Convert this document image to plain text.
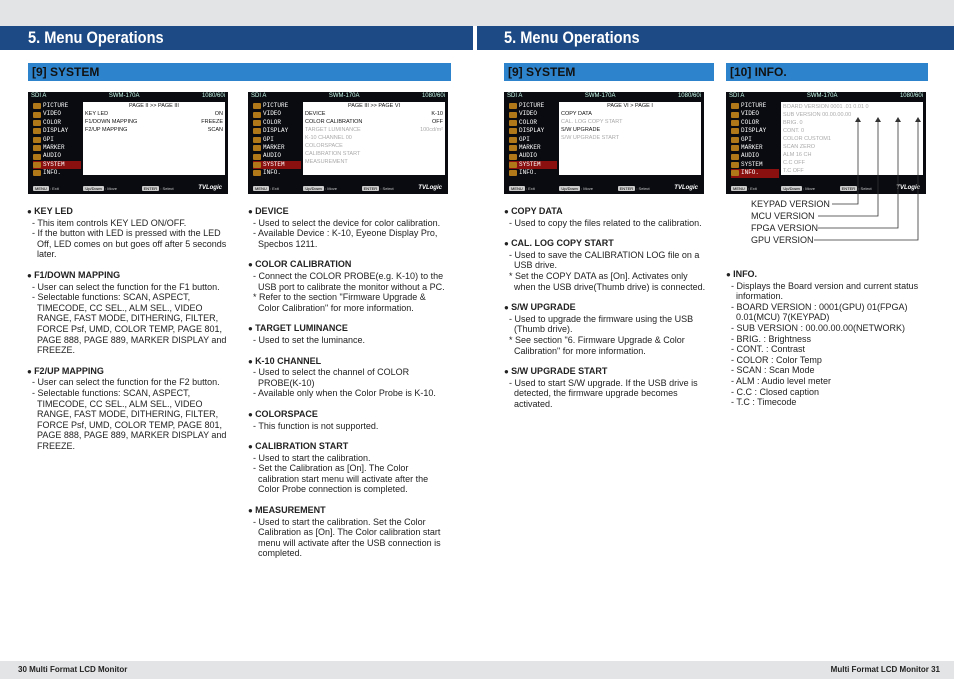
5. Menu Operations	5. Menu Operations
[9] SYSTEM	[9] SYSTEM	[10] INFO.
SDI A	SWM-170A	1080/60i
PICTURE
VIDEO
COLOR
DISPLAY
GPI
MARKER
AUDIO
SYSTEM
INFO.
PAGE II >> PAGE III
KEY LED	ON
F1/DOWN MAPPING	FREEZE
F2/UP MAPPING	SCAN
MENU : Exit	Up/Down : Move	ENTER : Select	TVLogic
SDI A	SWM-170A	1080/60i
PICTURE
VIDEO
COLOR
DISPLAY
GPI
MARKER
AUDIO
SYSTEM
INFO.
PAGE III >> PAGE VI
DEVICE	K-10
COLOR CALIBRATION	OFF
TARGET LUMINANCE	100cd/m²
K-10 CHANNEL 00
COLORSPACE
CALIBRATION START
MEASUREMENT
MENU : Exit	Up/Down : Move	ENTER : Select	TVLogic
SDI A	SWM-170A	1080/60i
PICTURE
VIDEO
COLOR
DISPLAY
GPI
MARKER
AUDIO
SYSTEM
INFO.
PAGE VI > PAGE I
COPY DATA
CAL. LOG COPY START
S/W UPGRADE
S/W UPGRADE START
MENU : Exit	Up/Down : Move	ENTER : Select	TVLogic
SDI A	SWM-170A	1080/60i
PICTURE
VIDEO
COLOR
DISPLAY
GPI
MARKER
AUDIO
SYSTEM
INFO.
BOARD VERSION 0001 .01 0.01 0
SUB VERSION 00.00.00.00
BRIG. 0
CONT. 0
COLOR CUSTOM1
SCAN ZERO
ALM 16 CH
C.C OFF
T.C OFF
MENU : Exit	Up/Down : Move	ENTER : Select	TVLogic
KEYPAD VERSION
MCU VERSION
FPGA VERSION
GPU VERSION
● KEY LED

- This item controls KEY LED ON/OFF.

- If the button with LED is pressed with the LED Off, LED comes on but goes off after 5 seconds later.

● F1/DOWN MAPPING

- User can select the function for the F1 button.

- Selectable functions: SCAN, ASPECT, TIMECODE, CC SEL., ALM SEL., VIDEO RANGE, FAST MODE, DITHERING, FILTER, FORCE Psf, UMD, COLOR TEMP, PAGE 801, PAGE 888, PAGE 889, MARKER DISPLAY and FREEZE.

● F2/UP MAPPING

- User can select the function for the F2 button.

- Selectable functions: SCAN, ASPECT, TIMECODE, CC SEL., ALM SEL., VIDEO RANGE, FAST MODE, DITHERING, FILTER, FORCE Psf, UMD, COLOR TEMP, PAGE 801, PAGE 888, PAGE 889, MARKER DISPLAY and FREEZE.

● DEVICE

- Used to select the device for color calibration.

- Available Device : K-10, Eyeone Display Pro, Specbos 1211.

● COLOR CALIBRATION

- Connect the COLOR PROBE(e.g. K-10) to the USB port to calibrate the monitor without a PC.

* Refer to the section "Firmware Upgrade & Color Calibration" for more information.

● TARGET LUMINANCE

- Used to set the luminance.

● K-10 CHANNEL

- Used to select the channel of COLOR PROBE(K-10)

- Available only when the Color Probe is K-10.

● COLORSPACE

- This function is not supported.

● CALIBRATION START

- Used to start the calibration.

- Set the Calibration as [On]. The Color calibration start menu will activate after the Color Probe connection is completed.

● MEASUREMENT

- Used to start the calibration. Set the Color Calibration as [On]. The Color calibration start menu will activate after the USB connection is completed.

● COPY DATA

- Used to copy the files related to the calibration.

● CAL. LOG COPY START

- Used to save the CALIBRATION LOG file on a USB drive.

* Set the COPY DATA as [On]. Activates only when the USB drive(Thumb drive) is connected.

● S/W UPGRADE

- Used to upgrade the firmware using the USB (Thumb drive).

* See section "6. Firmware Upgrade & Color Calibration" for more information.

● S/W UPGRADE START

- Used to start S/W upgrade. If the USB drive is detected, the firmware upgrade becomes activated.

● INFO.

- Displays the Board version and current status information.

- BOARD VERSION : 0001(GPU) 01(FPGA) 0.01(MCU) 7(KEYPAD)

- SUB VERSION : 00.00.00.00(NETWORK)

- BRIG. : Brightness

- CONT. : Contrast

- COLOR : Color Temp

- SCAN : Scan Mode

- ALM : Audio level meter

- C.C : Closed caption

- T.C : Timecode

30 Multi Format LCD Monitor	Multi Format LCD Monitor 31
